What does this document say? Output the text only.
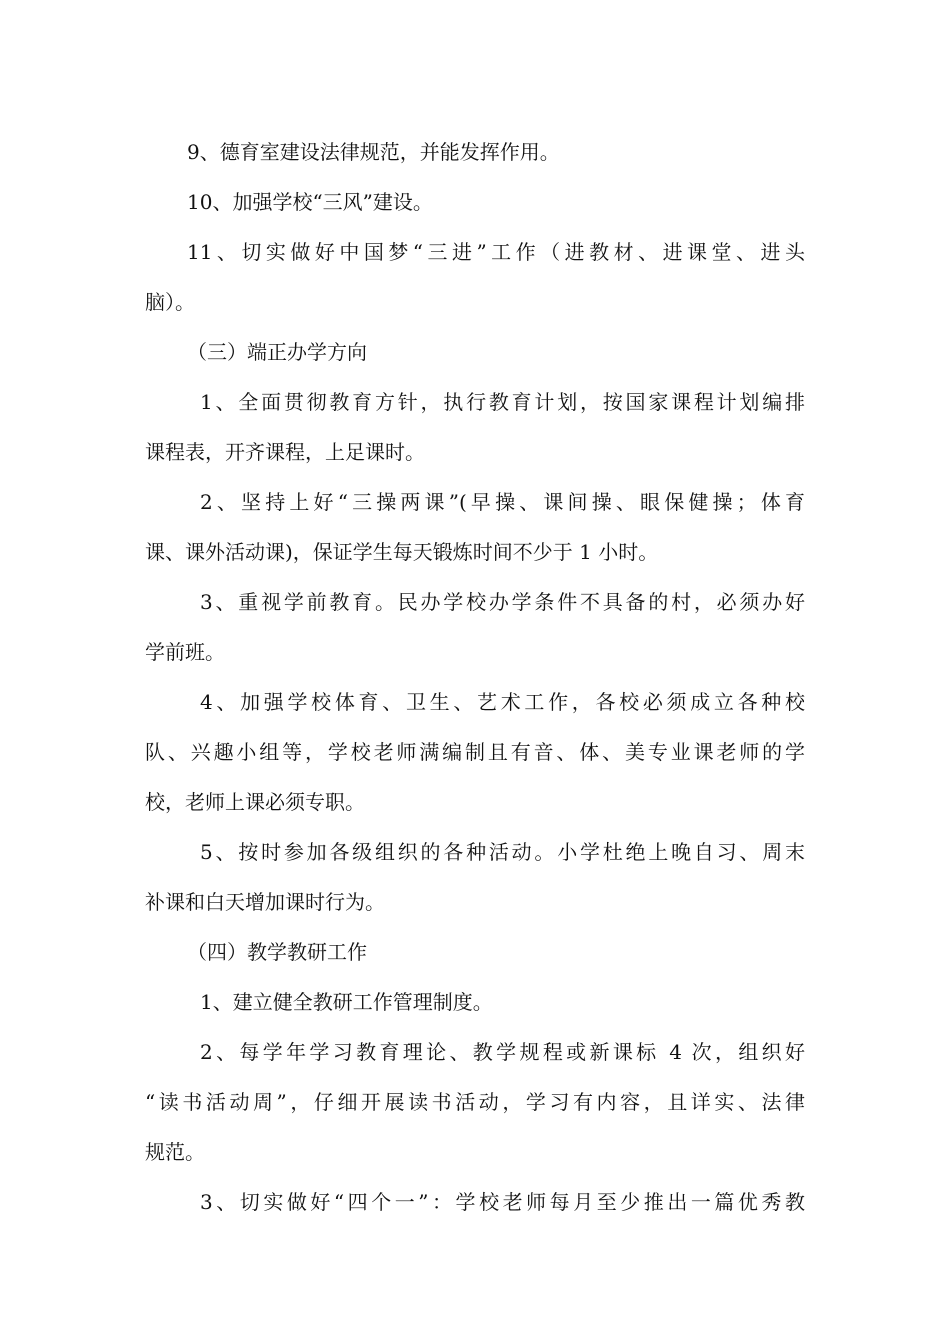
9、德育室建设法律规范，并能发挥作用。
10、加强学校“三风”建设。
11、切实做好中国梦“三进”工作（进教材、进课堂、进头
脑）。
（三）端正办学方向
1、全面贯彻教育方针，执行教育计划，按国家课程计划编排
课程表，开齐课程，上足课时。
2、坚持上好“三操两课”(早操、课间操、眼保健操；体育
课、课外活动课)，保证学生每天锻炼时间不少于 1 小时。
3、重视学前教育。民办学校办学条件不具备的村，必须办好
学前班。
4、加强学校体育、卫生、艺术工作，各校必须成立各种校
队、兴趣小组等，学校老师满编制且有音、体、美专业课老师的学
校，老师上课必须专职。
5、按时参加各级组织的各种活动。小学杜绝上晚自习、周末
补课和白天增加课时行为。
（四）教学教研工作
1、建立健全教研工作管理制度。
2、每学年学习教育理论、教学规程或新课标 4 次，组织好
“读书活动周”，仔细开展读书活动，学习有内容，且详实、法律
规范。
3、切实做好“四个一”：学校老师每月至少推出一篇优秀教
